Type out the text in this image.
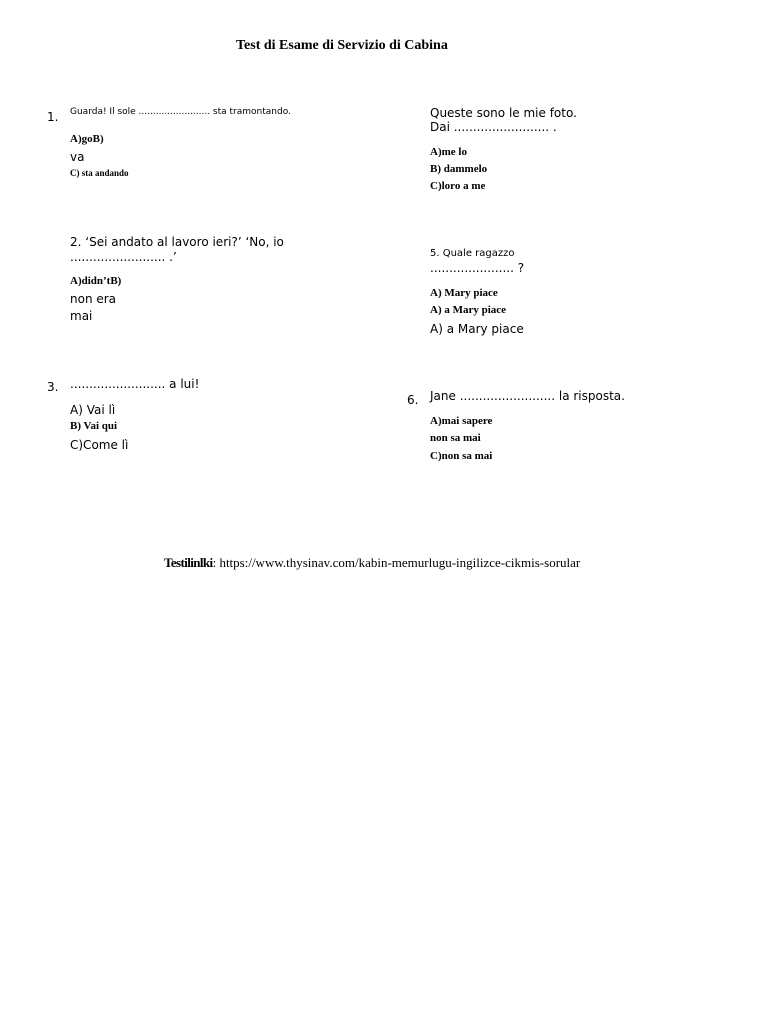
Test di Esame di Servizio di Cabina
1. Guarda! Il sole ......................... sta tramontando.
A)goB)
va
C) sta andando
2. ‘Sei andato al lavoro ieri?’ ‘No, io
......................... .’
A)didn’tB)
non era
mai
3. ......................... a lui!
A) Vai lì
B) Vai qui
C)Come lì
Queste sono le mie foto.
Dai ......................... .
A)me lo
B) dammelo
C)loro a me
5. Quale ragazzo
...................... ?
A) Mary piace
A) a Mary piace
A) a Mary piace
6. Jane ......................... la risposta.
A)mai sapere
non sa mai
C)non sa mai
Testilinlki: https://www.thysinav.com/kabin-memurlugu-ingilizce-cikmis-sorular
